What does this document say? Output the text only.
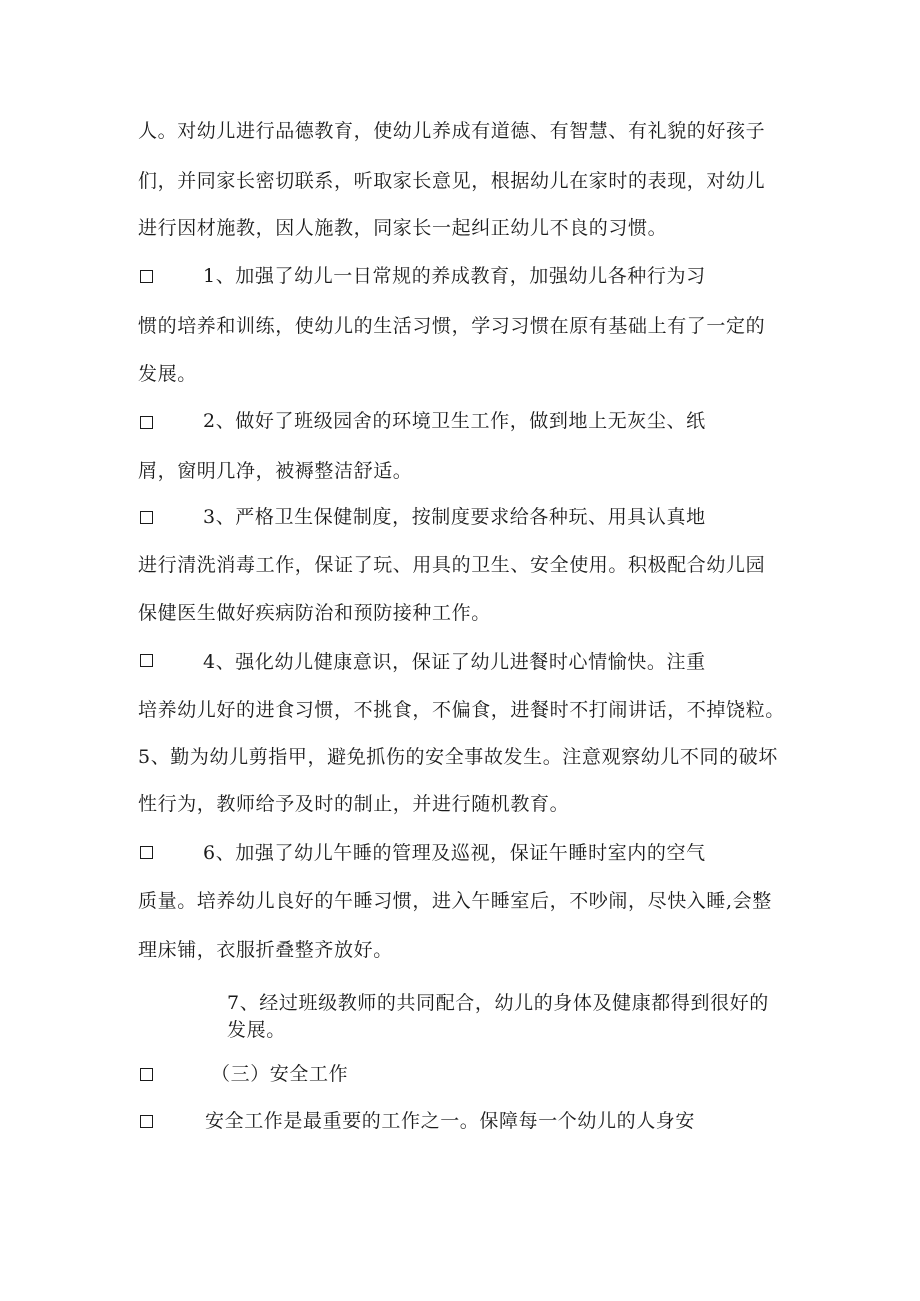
人。对幼儿进行品德教育，使幼儿养成有道德、有智慧、有礼貌的好孩子
们，并同家长密切联系，听取家长意见，根据幼儿在家时的表现，对幼儿
进行因材施教，因人施教，同家长一起纠正幼儿不良的习惯。
1、加强了幼儿一日常规的养成教育，加强幼儿各种行为习
惯的培养和训练，使幼儿的生活习惯，学习习惯在原有基础上有了一定的
发展。
2、做好了班级园舍的环境卫生工作，做到地上无灰尘、纸
屑，窗明几净，被褥整洁舒适。
3、严格卫生保健制度，按制度要求给各种玩、用具认真地
进行清洗消毒工作，保证了玩、用具的卫生、安全使用。积极配合幼儿园
保健医生做好疾病防治和预防接种工作。
4、强化幼儿健康意识，保证了幼儿进餐时心情愉快。注重
培养幼儿好的进食习惯，不挑食，不偏食，进餐时不打闹讲话，不掉饶粒。
5、勤为幼儿剪指甲，避免抓伤的安全事故发生。注意观察幼儿不同的破坏
性行为，教师给予及时的制止，并进行随机教育。
6、加强了幼儿午睡的管理及巡视，保证午睡时室内的空气
质量。培养幼儿良好的午睡习惯，进入午睡室后，不吵闹，尽快入睡,会整
理床铺，衣服折叠整齐放好。
7、经过班级教师的共同配合，幼儿的身体及健康都得到很好的
发展。
（三）安全工作
安全工作是最重要的工作之一。保障每一个幼儿的人身安
